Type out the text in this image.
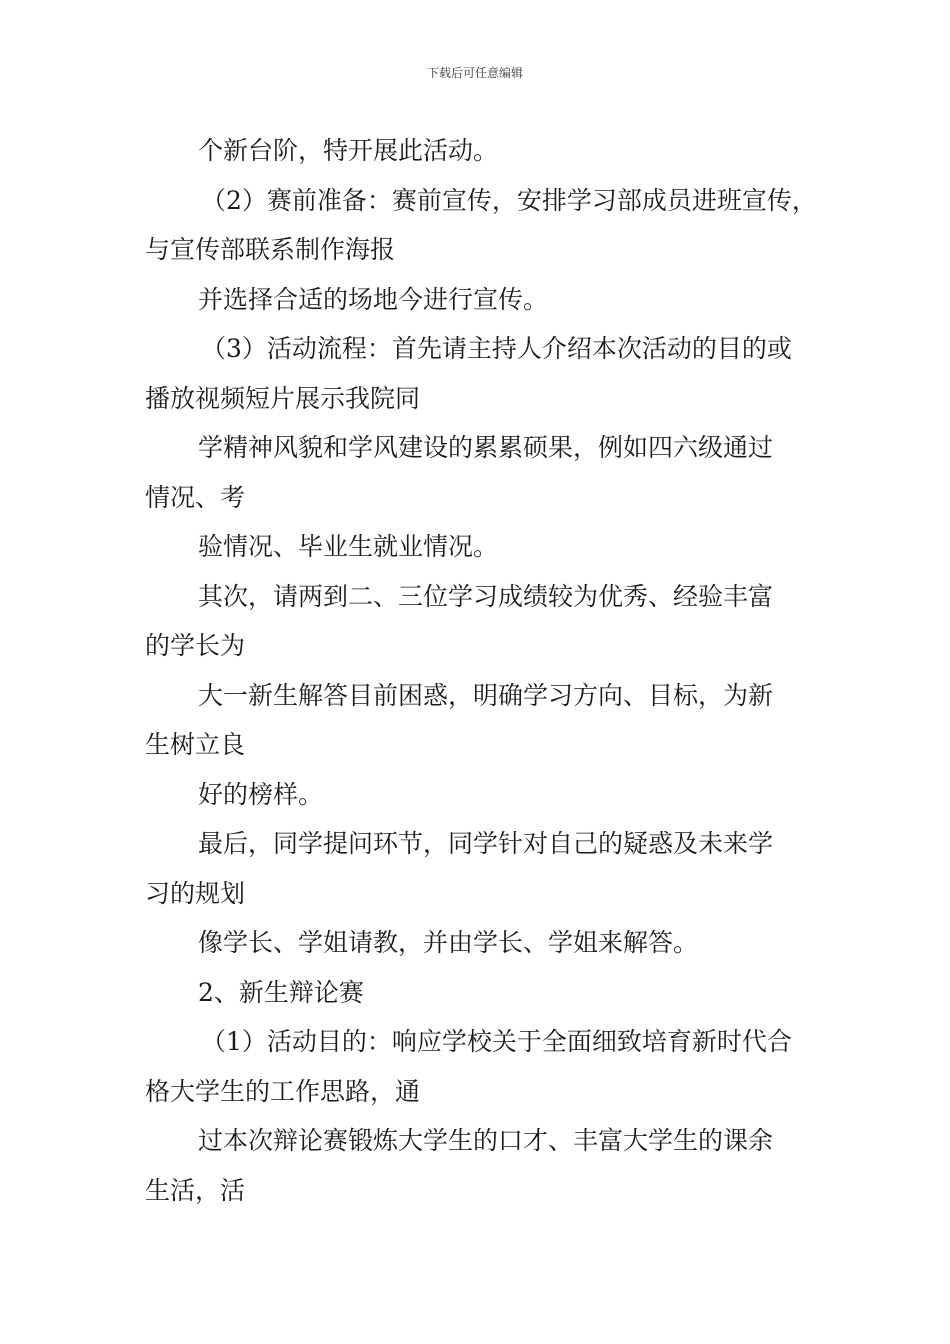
下载后可任意编辑
个新台阶，特开展此活动。
（2）赛前准备：赛前宣传，安排学习部成员进班宣传，
与宣传部联系制作海报
并选择合适的场地今进行宣传。
（3）活动流程：首先请主持人介绍本次活动的目的或
播放视频短片展示我院同
学精神风貌和学风建设的累累硕果，例如四六级通过
情况、考
验情况、毕业生就业情况。
其次，请两到二、三位学习成绩较为优秀、经验丰富
的学长为
大一新生解答目前困惑，明确学习方向、目标，为新
生树立良
好的榜样。
最后，同学提问环节，同学针对自己的疑惑及未来学
习的规划
像学长、学姐请教，并由学长、学姐来解答。
2、新生辩论赛
（1）活动目的：响应学校关于全面细致培育新时代合
格大学生的工作思路，通
过本次辩论赛锻炼大学生的口才、丰富大学生的课余
生活，活
